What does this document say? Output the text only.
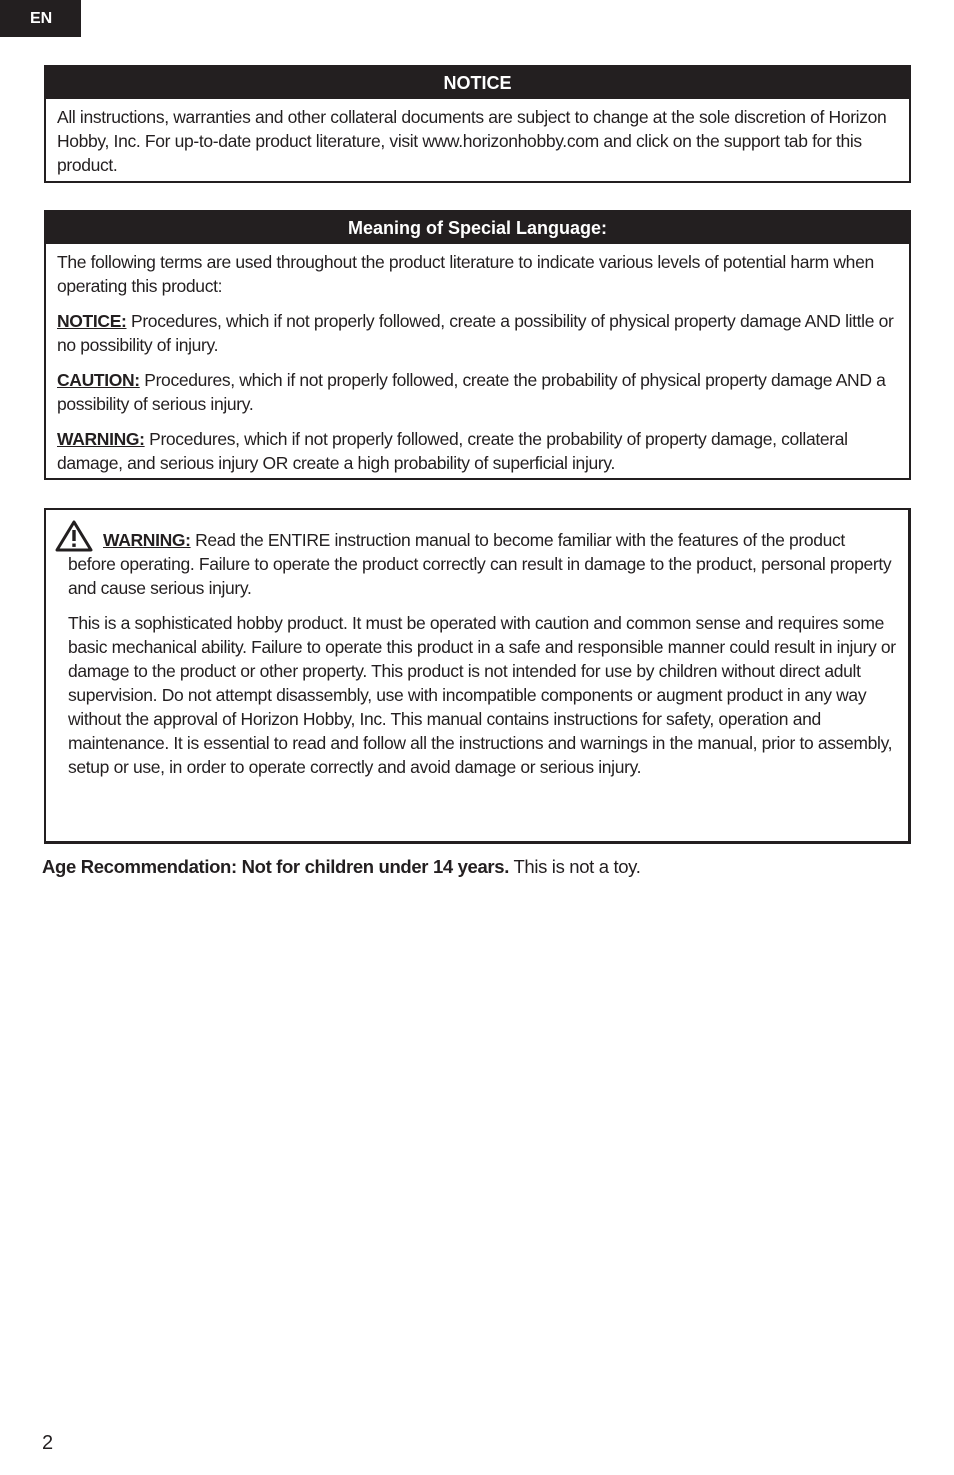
EN
NOTICE

All instructions, warranties and other collateral documents are subject to change at the sole discretion of Horizon Hobby, Inc. For up-to-date product literature, visit www.horizonhobby.com and click on the support tab for this product.

Meaning of Special Language:

The following terms are used throughout the product literature to indicate various levels of potential harm when operating this product:

NOTICE: Procedures, which if not properly followed, create a possibility of physical property damage AND little or no possibility of injury.

CAUTION: Procedures, which if not properly followed, create the probability of physical property damage AND a possibility of serious injury.

WARNING: Procedures, which if not properly followed, create the probability of property damage, collateral damage, and serious injury OR create a high probability of superficial injury.

WARNING: Read the ENTIRE instruction manual to become familiar with the features of the product before operating. Failure to operate the product correctly can result in damage to the product, personal property and cause serious injury.

This is a sophisticated hobby product. It must be operated with caution and common sense and requires some basic mechanical ability. Failure to operate this product in a safe and responsible manner could result in injury or damage to the product or other property. This product is not intended for use by children without direct adult supervision. Do not attempt disassembly, use with incompatible components or augment product in any way without the approval of Horizon Hobby, Inc. This manual contains instructions for safety, operation and maintenance. It is essential to read and follow all the instructions and warnings in the manual, prior to assembly, setup or use, in order to operate correctly and avoid damage or serious injury.

Age Recommendation: Not for children under 14 years. This is not a toy.
2
